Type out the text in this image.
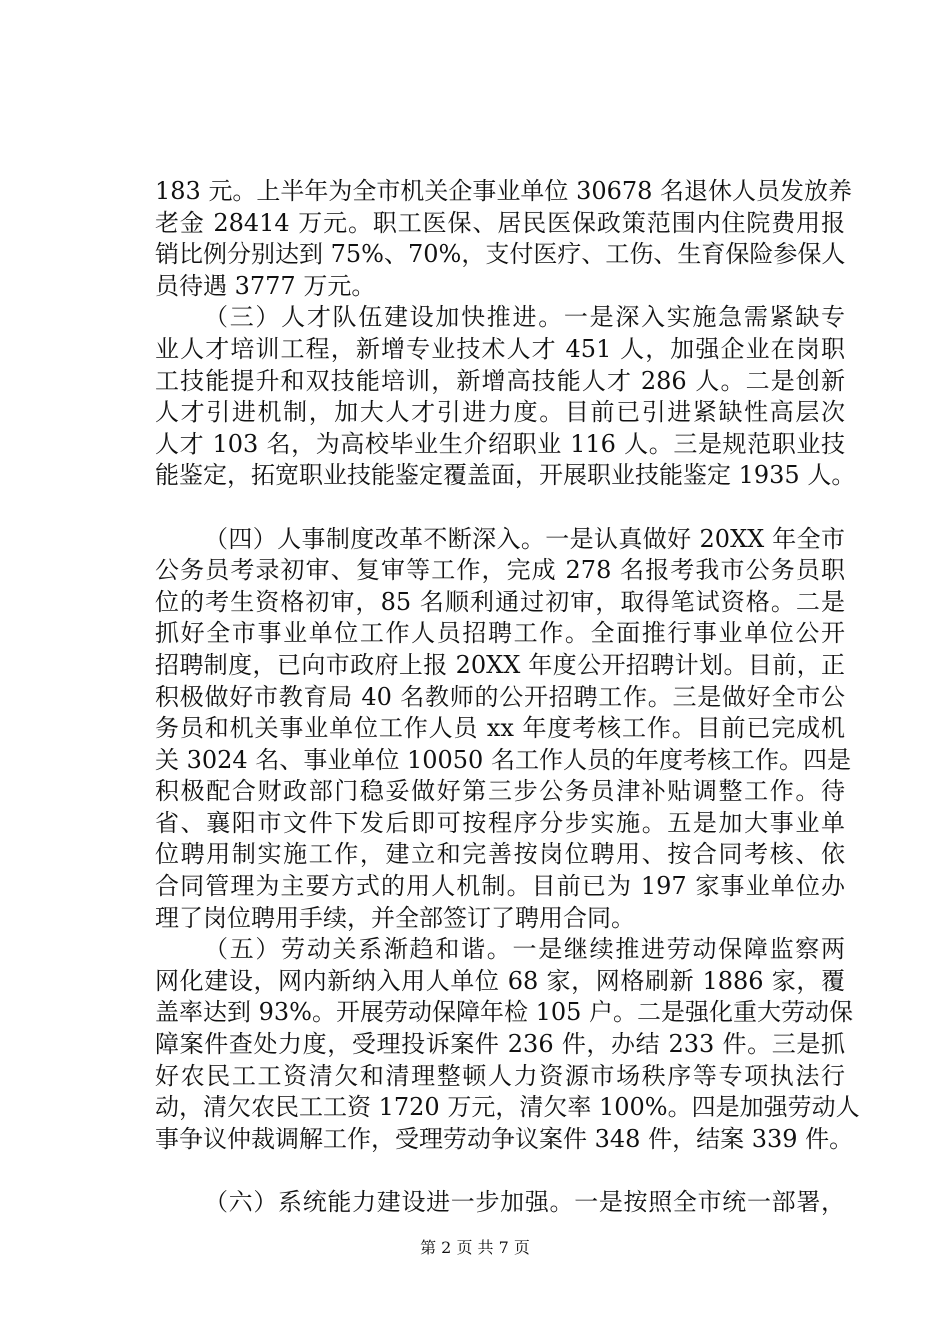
183 元。上半年为全市机关企事业单位 30678 名退休人员发放养
老金 28414 万元。职工医保、居民医保政策范围内住院费用报
销比例分别达到 75%、70%，支付医疗、工伤、生育保险参保人
员待遇 3777 万元。
（三）人才队伍建设加快推进。一是深入实施急需紧缺专
业人才培训工程，新增专业技术人才 451 人，加强企业在岗职
工技能提升和双技能培训，新增高技能人才 286 人。二是创新
人才引进机制，加大人才引进力度。目前已引进紧缺性高层次
人才 103 名，为高校毕业生介绍职业 116 人。三是规范职业技
能鉴定，拓宽职业技能鉴定覆盖面，开展职业技能鉴定 1935 人。
（四）人事制度改革不断深入。一是认真做好 20XX 年全市
公务员考录初审、复审等工作，完成 278 名报考我市公务员职
位的考生资格初审，85 名顺利通过初审，取得笔试资格。二是
抓好全市事业单位工作人员招聘工作。全面推行事业单位公开
招聘制度，已向市政府上报 20XX 年度公开招聘计划。目前，正
积极做好市教育局 40 名教师的公开招聘工作。三是做好全市公
务员和机关事业单位工作人员 xx 年度考核工作。目前已完成机
关 3024 名、事业单位 10050 名工作人员的年度考核工作。四是
积极配合财政部门稳妥做好第三步公务员津补贴调整工作。待
省、襄阳市文件下发后即可按程序分步实施。五是加大事业单
位聘用制实施工作，建立和完善按岗位聘用、按合同考核、依
合同管理为主要方式的用人机制。目前已为 197 家事业单位办
理了岗位聘用手续，并全部签订了聘用合同。
（五）劳动关系渐趋和谐。一是继续推进劳动保障监察两
网化建设，网内新纳入用人单位 68 家，网格刷新 1886 家，覆
盖率达到 93%。开展劳动保障年检 105 户。二是强化重大劳动保
障案件查处力度，受理投诉案件 236 件，办结 233 件。三是抓
好农民工工资清欠和清理整顿人力资源市场秩序等专项执法行
动，清欠农民工工资 1720 万元，清欠率 100%。四是加强劳动人
事争议仲裁调解工作，受理劳动争议案件 348 件，结案 339 件。
（六）系统能力建设进一步加强。一是按照全市统一部署，
第 2 页 共 7 页
